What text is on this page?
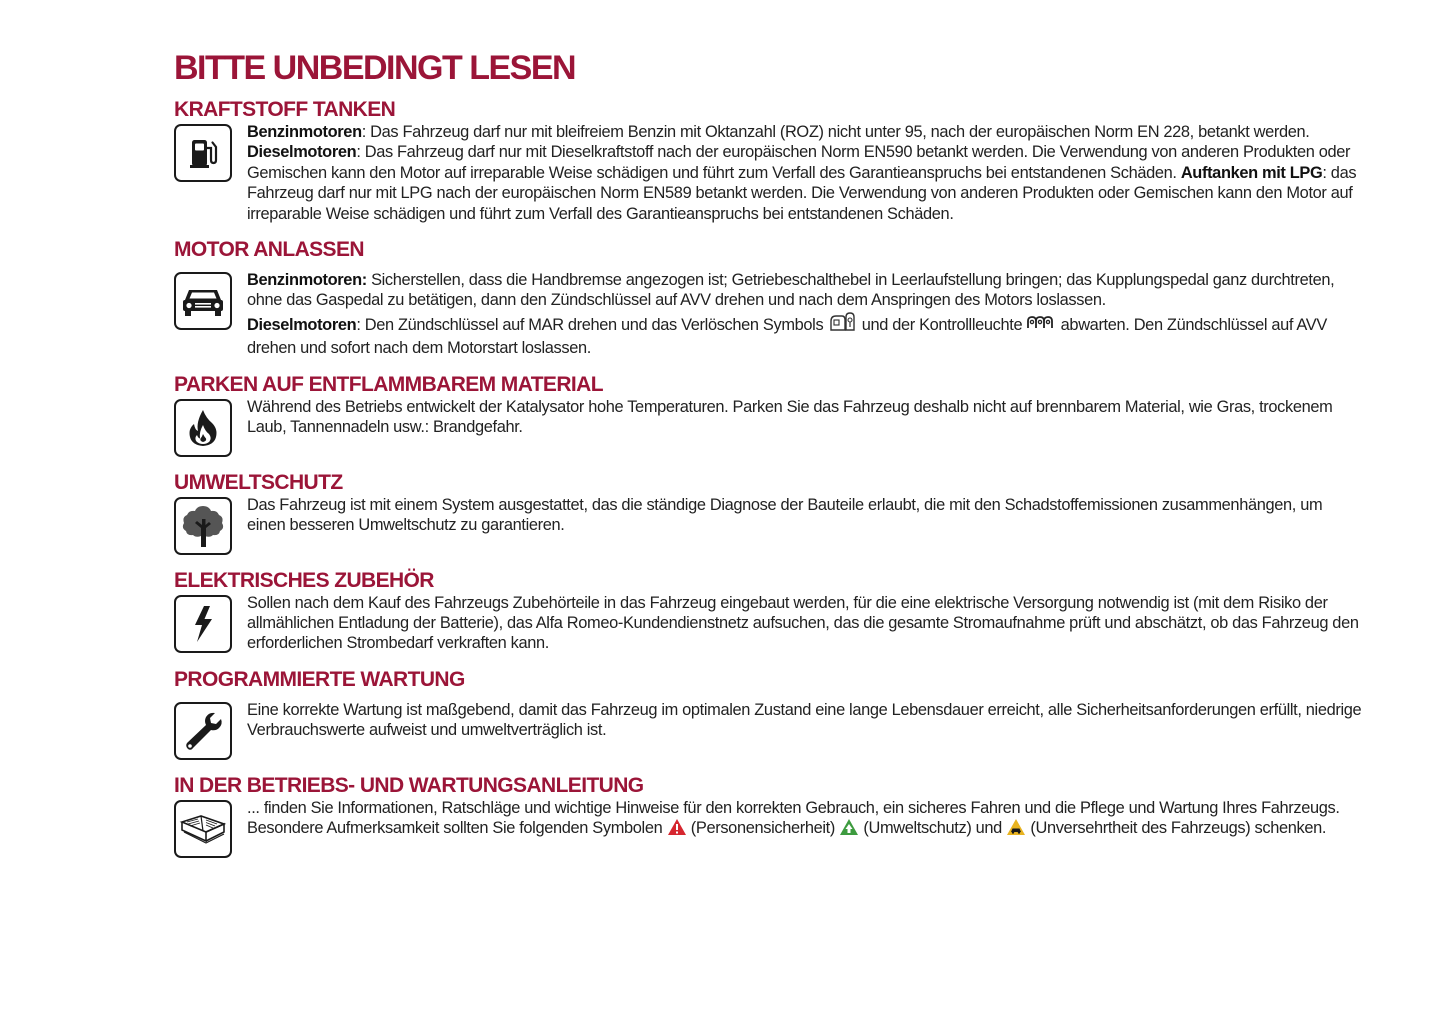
BITTE UNBEDINGT LESEN
KRAFTSTOFF TANKEN
Benzinmotoren: Das Fahrzeug darf nur mit bleifreiem Benzin mit Oktanzahl (ROZ) nicht unter 95, nach der europäischen Norm EN 228, betankt werden. Dieselmotoren: Das Fahrzeug darf nur mit Dieselkraftstoff nach der europäischen Norm EN590 betankt werden. Die Verwendung von anderen Produkten oder Gemischen kann den Motor auf irreparable Weise schädigen und führt zum Verfall des Garantieanspruchs bei entstandenen Schäden. Auftanken mit LPG: das Fahrzeug darf nur mit LPG nach der europäischen Norm EN589 betankt werden. Die Verwendung von anderen Produkten oder Gemischen kann den Motor auf irreparable Weise schädigen und führt zum Verfall des Garantieanspruchs bei entstandenen Schäden.
MOTOR ANLASSEN
Benzinmotoren: Sicherstellen, dass die Handbremse angezogen ist; Getriebeschalthebel in Leerlaufstellung bringen; das Kupplungspedal ganz durchtreten, ohne das Gaspedal zu betätigen, dann den Zündschlüssel auf AVV drehen und nach dem Anspringen des Motors loslassen.
Dieselmotoren: Den Zündschlüssel auf MAR drehen und das Verlöschen Symbols  und der Kontrollleuchte  abwarten. Den Zündschlüssel auf AVV drehen und sofort nach dem Motorstart loslassen.
PARKEN AUF ENTFLAMMBAREM MATERIAL
Während des Betriebs entwickelt der Katalysator hohe Temperaturen. Parken Sie das Fahrzeug deshalb nicht auf brennbarem Material, wie Gras, trockenem Laub, Tannennadeln usw.: Brandgefahr.
UMWELTSCHUTZ
Das Fahrzeug ist mit einem System ausgestattet, das die ständige Diagnose der Bauteile erlaubt, die mit den Schadstoffemissionen zusammenhängen, um einen besseren Umweltschutz zu garantieren.
ELEKTRISCHES ZUBEHÖR
Sollen nach dem Kauf des Fahrzeugs Zubehörteile in das Fahrzeug eingebaut werden, für die eine elektrische Versorgung notwendig ist (mit dem Risiko der allmählichen Entladung der Batterie), das Alfa Romeo-Kundendienstnetz aufsuchen, das die gesamte Stromaufnahme prüft und abschätzt, ob das Fahrzeug den erforderlichen Strombedarf verkraften kann.
PROGRAMMIERTE WARTUNG
Eine korrekte Wartung ist maßgebend, damit das Fahrzeug im optimalen Zustand eine lange Lebensdauer erreicht, alle Sicherheitsanforderungen erfüllt, niedrige Verbrauchswerte aufweist und umweltverträglich ist.
IN DER BETRIEBS- UND WARTUNGSANLEITUNG
... finden Sie Informationen, Ratschläge und wichtige Hinweise für den korrekten Gebrauch, ein sicheres Fahren und die Pflege und Wartung Ihres Fahrzeugs. Besondere Aufmerksamkeit sollten Sie folgenden Symbolen  (Personensicherheit)  (Umweltschutz) und  (Unversehrtheit des Fahrzeugs) schenken.
